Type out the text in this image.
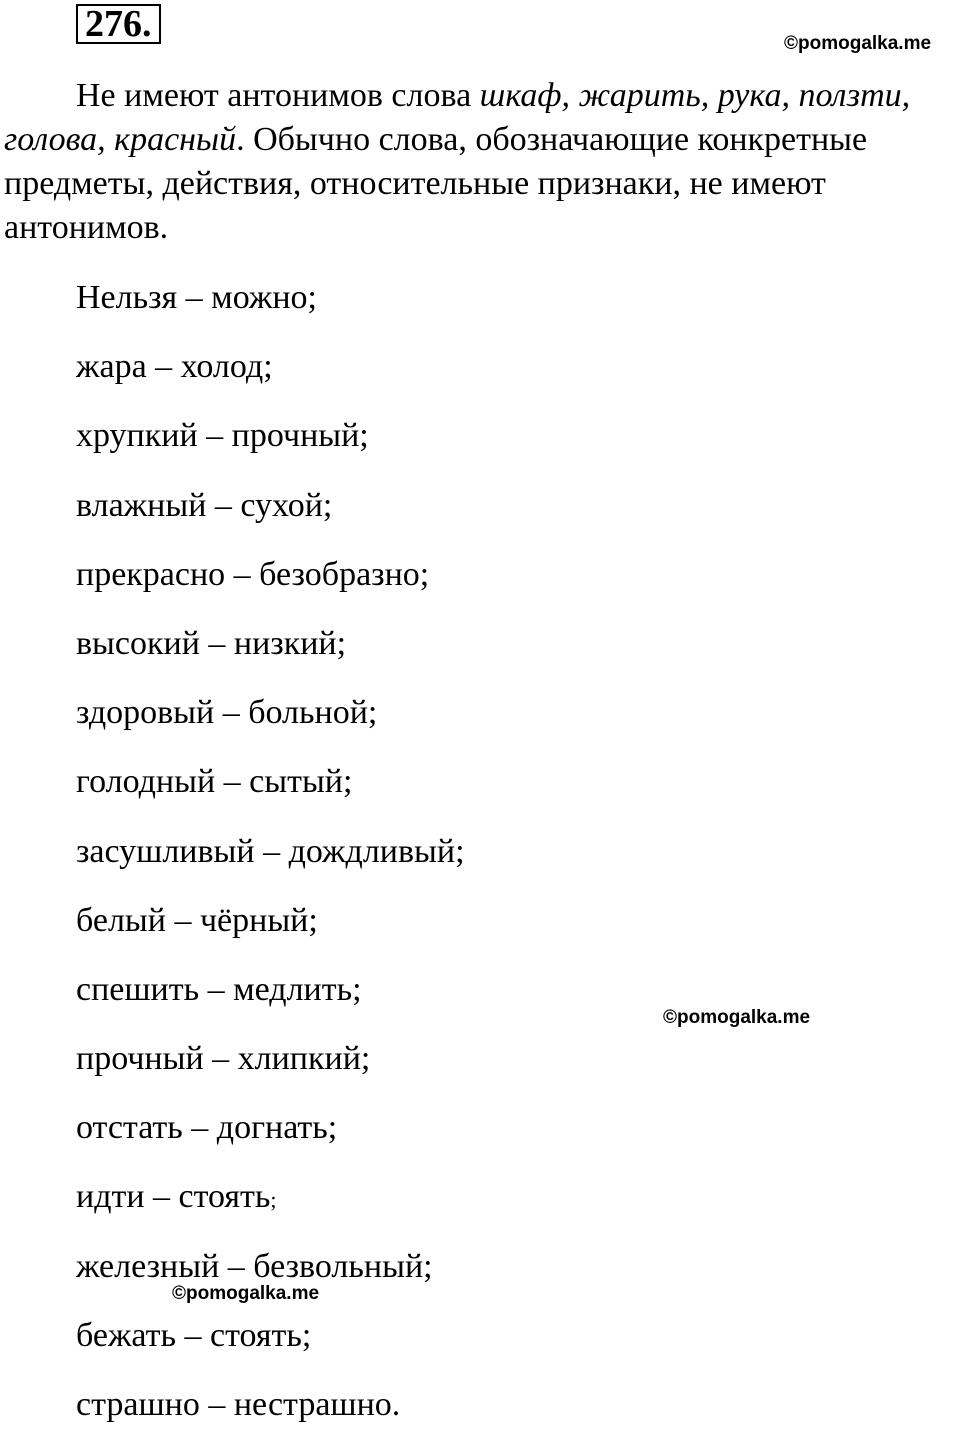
276.	©pomogalka.me

Не имеют антонимов слова шкаф, жарить, рука, ползти, голова, красный. Обычно слова, обозначающие конкретные предметы, действия, относительные признаки, не имеют антонимов.

Нельзя – можно;
жара – холод;
хрупкий – прочный;
влажный – сухой;
прекрасно – безобразно;
высокий – низкий;
здоровый – больной;
голодный – сытый;
засушливый – дождливый;
белый – чёрный;
спешить – медлить;
прочный – хлипкий;
отстать – догнать;
идти – стоять;
железный – безвольный;
бежать – стоять;
страшно – нестрашно.
©pomogalka.me
©pomogalka.me
